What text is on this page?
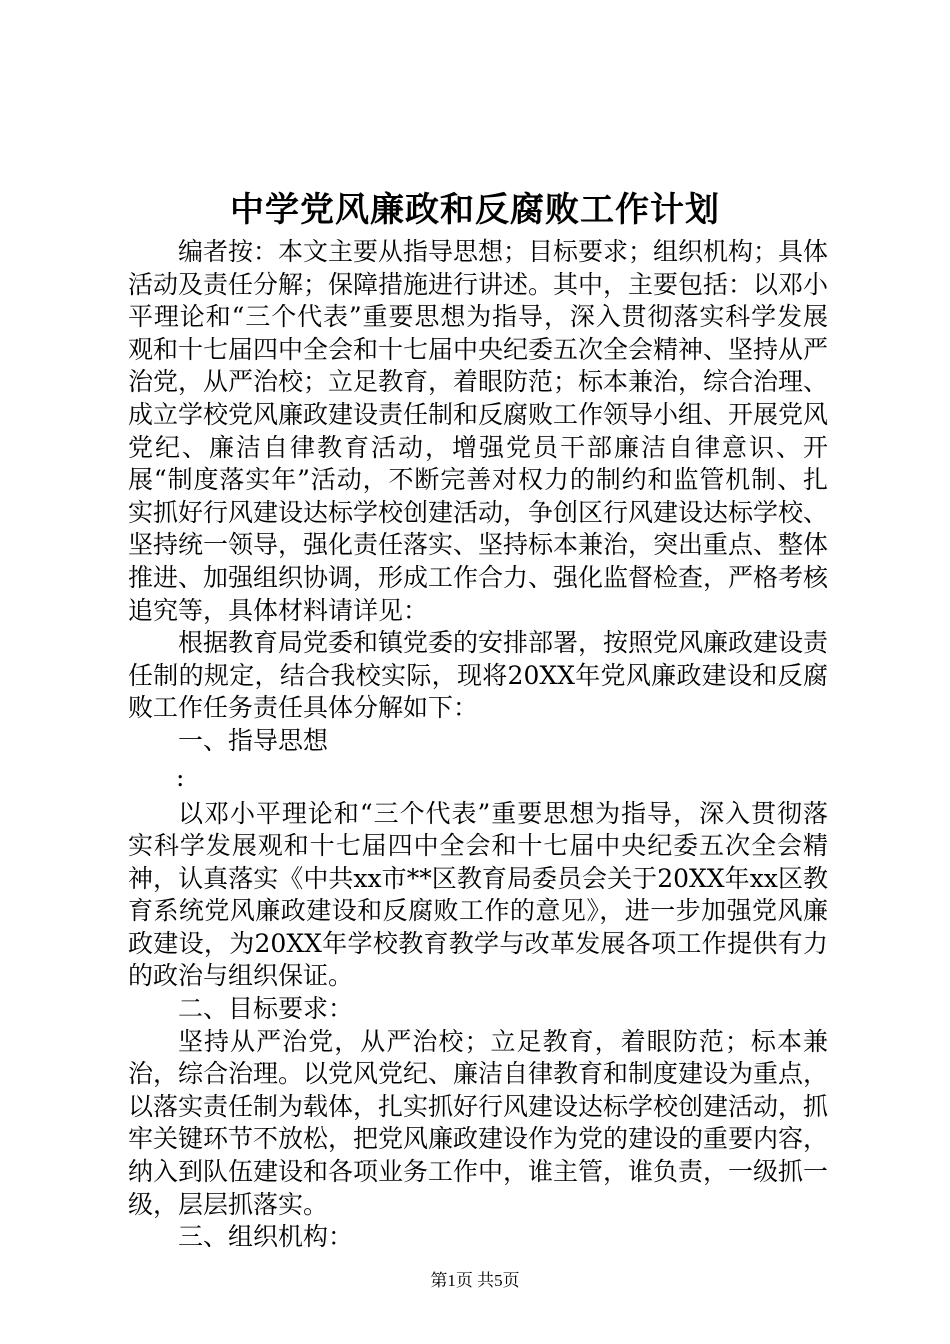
中学党风廉政和反腐败工作计划

编者按：本文主要从指导思想；目标要求；组织机构；具体活动及责任分解；保障措施进行讲述。其中，主要包括：以邓小平理论和“三个代表”重要思想为指导，深入贯彻落实科学发展观和十七届四中全会和十七届中央纪委五次全会精神、坚持从严治党，从严治校；立足教育，着眼防范；标本兼治，综合治理、成立学校党风廉政建设责任制和反腐败工作领导小组、开展党风党纪、廉洁自律教育活动，增强党员干部廉洁自律意识、开展“制度落实年”活动，不断完善对权力的制约和监管机制、扎实抓好行风建设达标学校创建活动，争创区行风建设达标学校、坚持统一领导，强化责任落实、坚持标本兼治，突出重点、整体推进、加强组织协调，形成工作合力、强化监督检查，严格考核追究等，具体材料请详见：

根据教育局党委和镇党委的安排部署，按照党风廉政建设责任制的规定，结合我校实际，现将20XX年党风廉政建设和反腐败工作任务责任具体分解如下：

一、指导思想

:

以邓小平理论和“三个代表”重要思想为指导，深入贯彻落实科学发展观和十七届四中全会和十七届中央纪委五次全会精神，认真落实《中共xx市**区教育局委员会关于20XX年xx区教育系统党风廉政建设和反腐败工作的意见》，进一步加强党风廉政建设，为20XX年学校教育教学与改革发展各项工作提供有力的政治与组织保证。

二、目标要求：

坚持从严治党，从严治校；立足教育，着眼防范；标本兼治，综合治理。以党风党纪、廉洁自律教育和制度建设为重点，以落实责任制为载体，扎实抓好行风建设达标学校创建活动，抓牢关键环节不放松，把党风廉政建设作为党的建设的重要内容，纳入到队伍建设和各项业务工作中，谁主管，谁负责，一级抓一级，层层抓落实。

三、组织机构：

第1页 共5页
